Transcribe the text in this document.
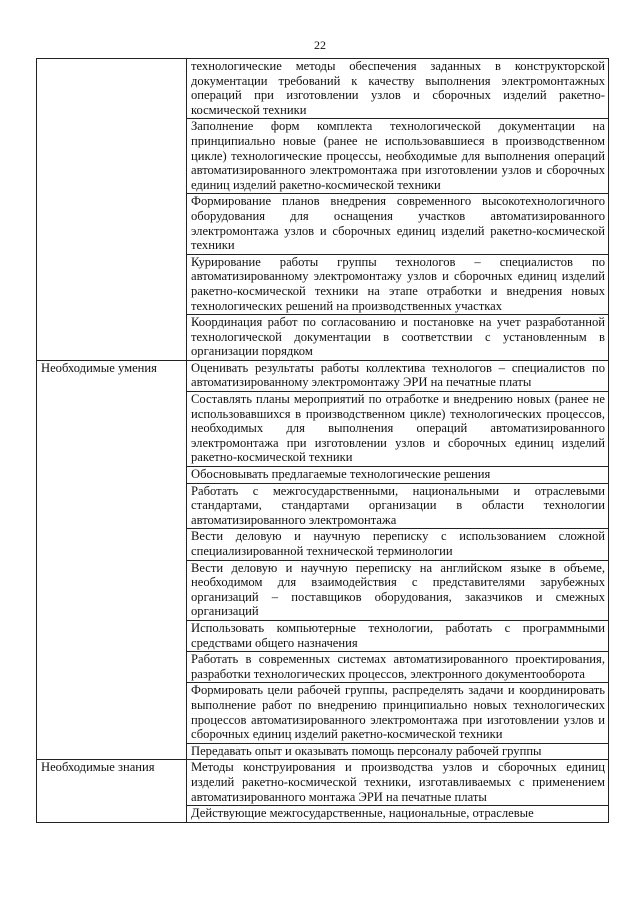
22
	технологические методы обеспечения заданных в конструкторской документации требований к качеству выполнения электромонтажных операций при изготовлении узлов и сборочных изделий ракетно-космической техники
	Заполнение форм комплекта технологической документации на принципиально новые (ранее не использовавшиеся в производственном цикле) технологические процессы, необходимые для выполнения операций автоматизированного электромонтажа при изготовлении узлов и сборочных единиц изделий ракетно-космической техники
	Формирование планов внедрения современного высокотехнологичного оборудования для оснащения участков автоматизированного электромонтажа узлов и сборочных единиц изделий ракетно-космической техники
	Курирование работы группы технологов – специалистов по автоматизированному электромонтажу узлов и сборочных единиц изделий ракетно-космической техники на этапе отработки и внедрения новых технологических решений на производственных участках
	Координация работ по согласованию и постановке на учет разработанной технологической документации в соответствии с установленным в организации порядком
Необходимые умения	Оценивать результаты работы коллектива технологов – специалистов по автоматизированному электромонтажу ЭРИ на печатные платы
	Составлять планы мероприятий по отработке и внедрению новых (ранее не использовавшихся в производственном цикле) технологических процессов, необходимых для выполнения операций автоматизированного электромонтажа при изготовлении узлов и сборочных единиц изделий ракетно-космической техники
	Обосновывать предлагаемые технологические решения
	Работать с межгосударственными, национальными и отраслевыми стандартами, стандартами организации в области технологии автоматизированного электромонтажа
	Вести деловую и научную переписку с использованием сложной специализированной технической терминологии
	Вести деловую и научную переписку на английском языке в объеме, необходимом для взаимодействия с представителями зарубежных организаций – поставщиков оборудования, заказчиков и смежных организаций
	Использовать компьютерные технологии, работать с программными средствами общего назначения
	Работать в современных системах автоматизированного проектирования, разработки технологических процессов, электронного документооборота
	Формировать цели рабочей группы, распределять задачи и координировать выполнение работ по внедрению принципиально новых технологических процессов автоматизированного электромонтажа при изготовлении узлов и сборочных единиц изделий ракетно-космической техники
	Передавать опыт и оказывать помощь персоналу рабочей группы
Необходимые знания	Методы конструирования и производства узлов и сборочных единиц изделий ракетно-космической техники, изготавливаемых с применением автоматизированного монтажа ЭРИ на печатные платы
	Действующие межгосударственные, национальные, отраслевые
